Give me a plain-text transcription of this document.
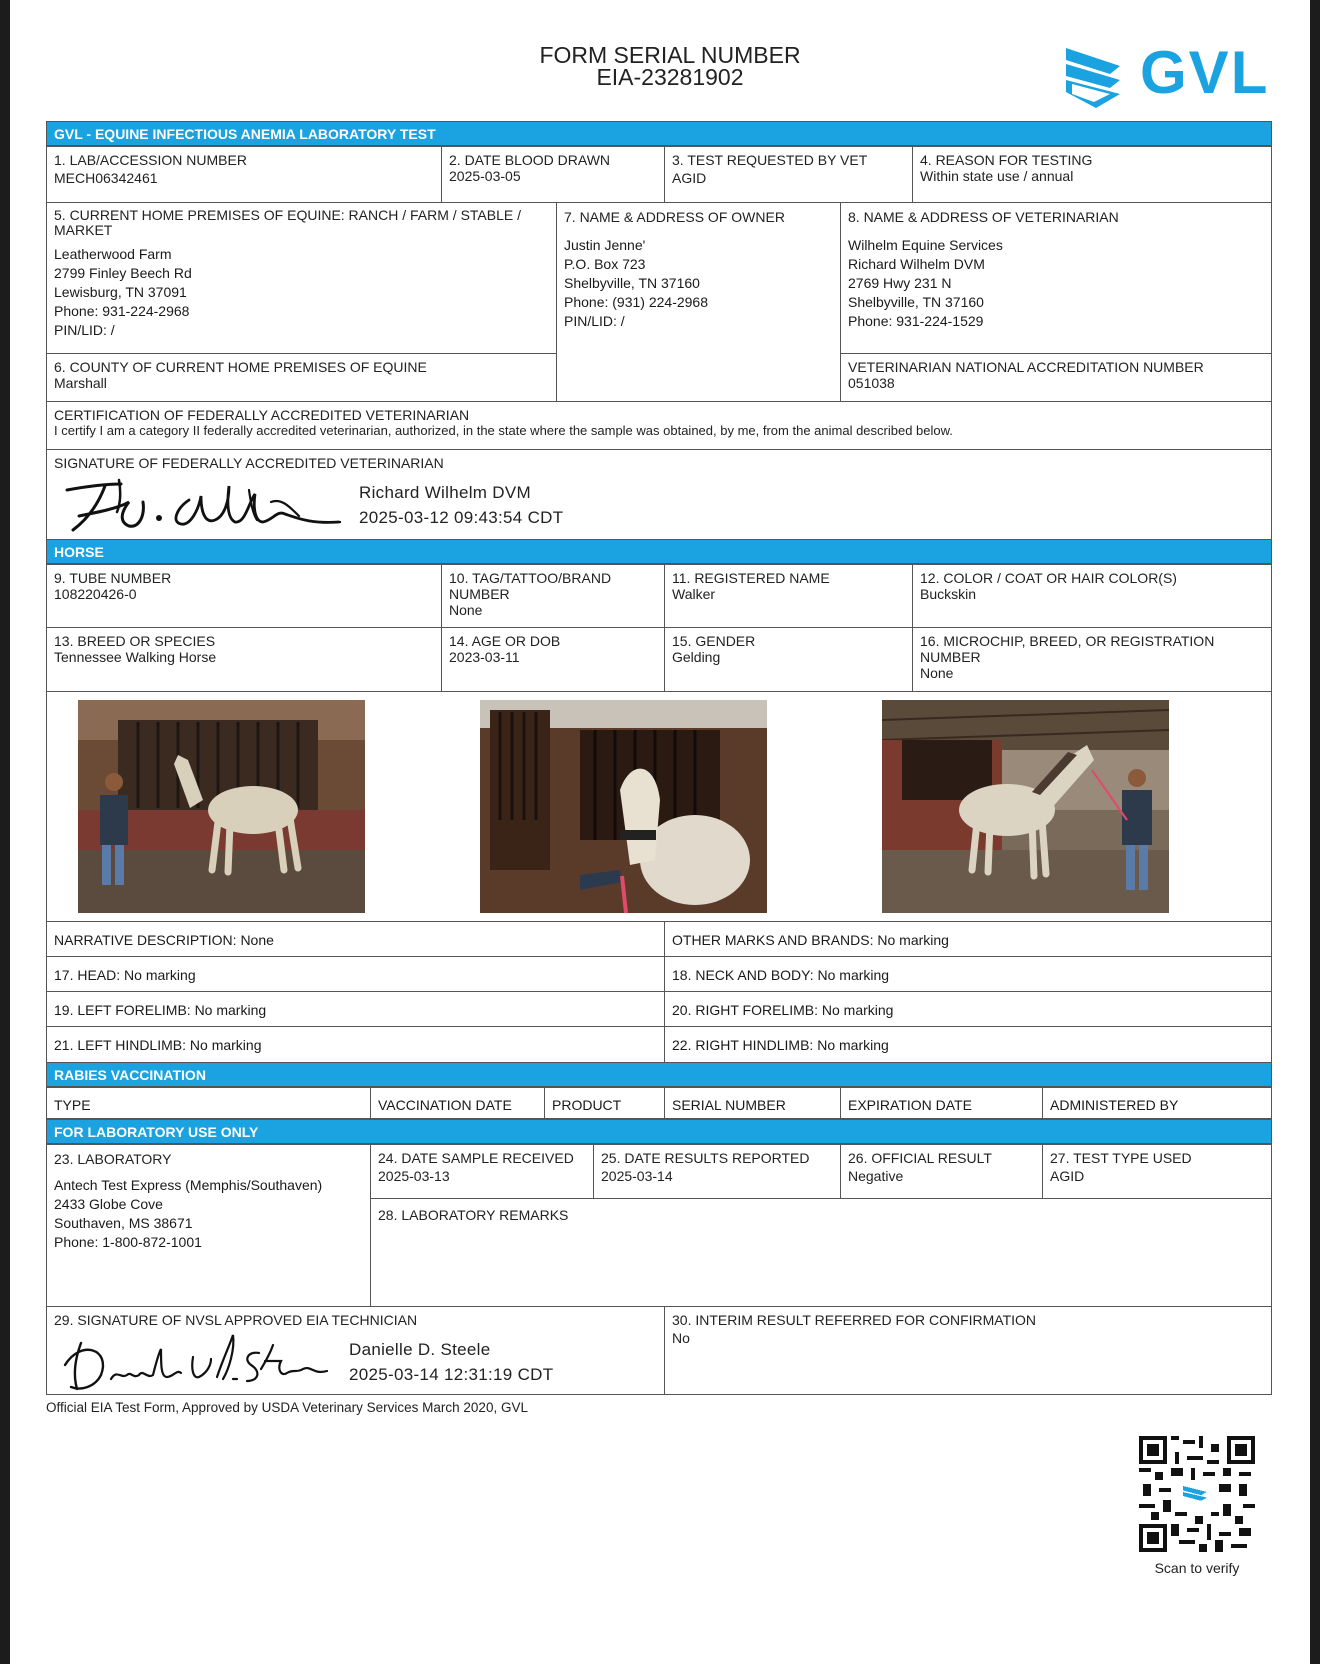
FORM SERIAL NUMBER
EIA-23281902	GVL
GVL - EQUINE INFECTIOUS ANEMIA LABORATORY TEST
1. LAB/ACCESSION NUMBER
MECH06342461
2. DATE BLOOD DRAWN
2025-03-05
3. TEST REQUESTED BY VET
AGID
4. REASON FOR TESTING
Within state use / annual
5. CURRENT HOME PREMISES OF EQUINE: RANCH / FARM / STABLE / MARKET
Leatherwood Farm
2799 Finley Beech Rd
Lewisburg, TN 37091
Phone: 931-224-2968
PIN/LID: /
7. NAME & ADDRESS OF OWNER
Justin Jenne'
P.O. Box 723
Shelbyville, TN 37160
Phone: (931) 224-2968
PIN/LID: /
8. NAME & ADDRESS OF VETERINARIAN
Wilhelm Equine Services
Richard Wilhelm DVM
2769 Hwy 231 N
Shelbyville, TN 37160
Phone: 931-224-1529
6. COUNTY OF CURRENT HOME PREMISES OF EQUINE
Marshall
VETERINARIAN NATIONAL ACCREDITATION NUMBER
051038
CERTIFICATION OF FEDERALLY ACCREDITED VETERINARIAN
I certify I am a category II federally accredited veterinarian, authorized, in the state where the sample was obtained, by me, from the animal described below.
SIGNATURE OF FEDERALLY ACCREDITED VETERINARIAN
Richard Wilhelm DVM
2025-03-12 09:43:54 CDT
HORSE
9. TUBE NUMBER
108220426-0
10. TAG/TATTOO/BRAND NUMBER
None
11. REGISTERED NAME
Walker
12. COLOR / COAT OR HAIR COLOR(S)
Buckskin
13. BREED OR SPECIES
Tennessee Walking Horse
14. AGE OR DOB
2023-03-11
15. GENDER
Gelding
16. MICROCHIP, BREED, OR REGISTRATION NUMBER
None
NARRATIVE DESCRIPTION: None	OTHER MARKS AND BRANDS: No marking
17. HEAD: No marking	18. NECK AND BODY: No marking
19. LEFT FORELIMB: No marking	20. RIGHT FORELIMB: No marking
21. LEFT HINDLIMB: No marking	22. RIGHT HINDLIMB: No marking
RABIES VACCINATION
TYPE	VACCINATION DATE	PRODUCT	SERIAL NUMBER	EXPIRATION DATE	ADMINISTERED BY
FOR LABORATORY USE ONLY
23. LABORATORY
Antech Test Express (Memphis/Southaven)
2433 Globe Cove
Southaven, MS 38671
Phone: 1-800-872-1001
24. DATE SAMPLE RECEIVED
2025-03-13
25. DATE RESULTS REPORTED
2025-03-14
26. OFFICIAL RESULT
Negative
27. TEST TYPE USED
AGID
28. LABORATORY REMARKS
29. SIGNATURE OF NVSL APPROVED EIA TECHNICIAN
Danielle D. Steele
2025-03-14 12:31:19 CDT
30. INTERIM RESULT REFERRED FOR CONFIRMATION
No
Official EIA Test Form, Approved by USDA Veterinary Services March 2020, GVL
Scan to verify
